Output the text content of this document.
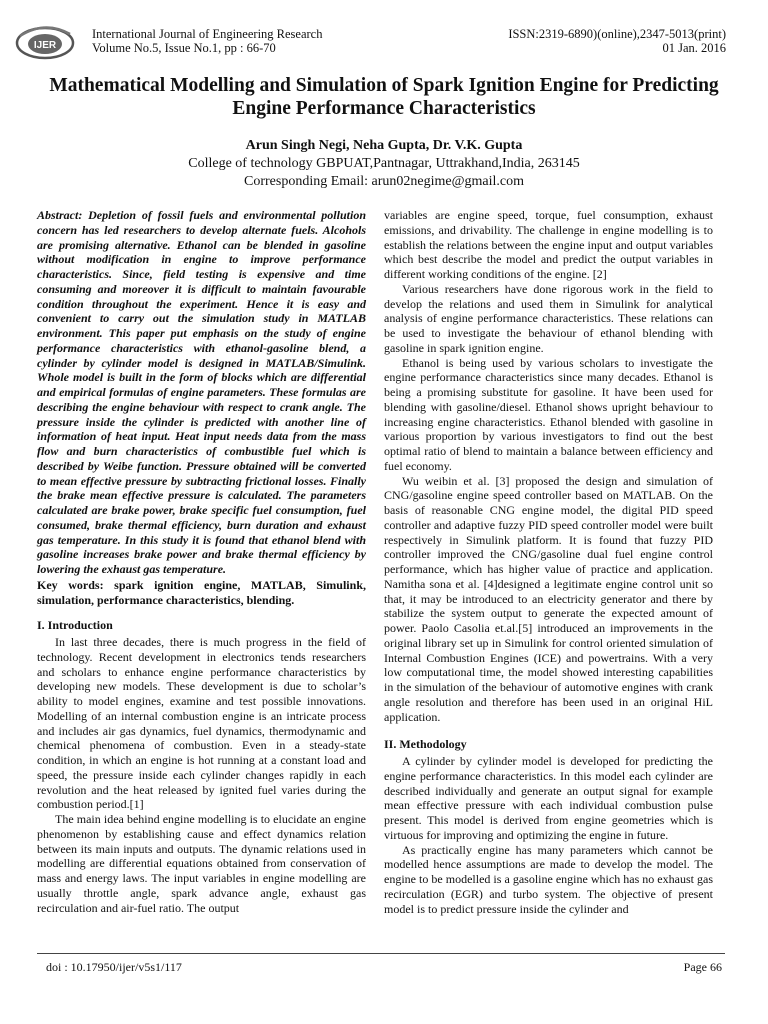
IJER
International Journal of Engineering Research
Volume No.5, Issue No.1, pp : 66-70
ISSN:2319-6890)(online),2347-5013(print)
01 Jan. 2016
Mathematical Modelling and Simulation of Spark Ignition Engine for Predicting Engine Performance Characteristics
Arun Singh Negi, Neha Gupta, Dr. V.K. Gupta
College of technology GBPUAT,Pantnagar, Uttrakhand,India, 263145
Corresponding Email: arun02negime@gmail.com

Abstract: Depletion of fossil fuels and environmental pollution concern has led researchers to develop alternate fuels. Alcohols are promising alternative. Ethanol can be blended in gasoline without modification in engine to improve performance characteristics. Since, field testing is expensive and time consuming and moreover it is difficult to maintain favourable condition throughout the experiment. Hence it is easy and convenient to carry out the simulation study in MATLAB environment. This paper put emphasis on the study of engine performance characteristics with ethanol-gasoline blend, a cylinder by cylinder model is designed in MATLAB/Simulink. Whole model is built in the form of blocks which are differential and empirical formulas of engine parameters. These formulas are describing the engine behaviour with respect to crank angle. The pressure inside the cylinder is predicted with another line of information of heat input. Heat input needs data from the mass flow and burn characteristics of combustible fuel which is described by Weibe function. Pressure obtained will be converted to mean effective pressure by subtracting frictional losses. Finally the brake mean effective pressure is calculated. The parameters calculated are brake power, brake specific fuel consumption, fuel consumed, brake thermal efficiency, burn duration and exhaust gas temperature. In this study it is found that ethanol blend with gasoline increases brake power and brake thermal efficiency by lowering the exhaust gas temperature.

Key words: spark ignition engine, MATLAB, Simulink, simulation, performance characteristics, blending.
I. Introduction

In last three decades, there is much progress in the field of technology. Recent development in electronics tends researchers and scholars to enhance engine performance characteristics by developing new models. These development is due to scholar’s ability to model engines, examine and test possible innovations. Modelling of an internal combustion engine is an intricate process and includes air gas dynamics, fuel dynamics, thermodynamic and chemical phenomena of combustion. Even in a steady-state condition, in which an engine is hot running at a constant load and speed, the pressure inside each cylinder changes rapidly in each revolution and the heat released by ignited fuel varies during the combustion period.[1]

The main idea behind engine modelling is to elucidate an engine phenomenon by establishing cause and effect dynamics relation between its main inputs and outputs. The dynamic relations used in modelling are differential equations obtained from conservation of mass and energy laws. The input variables in engine modelling are usually throttle angle, spark advance angle, exhaust gas recirculation and air-fuel ratio. The output

variables are engine speed, torque, fuel consumption, exhaust emissions, and drivability. The challenge in engine modelling is to establish the relations between the engine input and output variables which best describe the model and predict the output variables in different working conditions of the engine. [2]

Various researchers have done rigorous work in the field to develop the relations and used them in Simulink for analytical analysis of engine performance characteristics. These relations can be used to investigate the behaviour of ethanol blending with gasoline in spark ignition engine.

Ethanol is being used by various scholars to investigate the engine performance characteristics since many decades. Ethanol is being a promising substitute for gasoline. It have been used for blending with gasoline/diesel. Ethanol shows upright behaviour to increasing engine characteristics. Ethanol blended with gasoline in various proportion by various investigators to find out the best optimal ratio of blend to maintain a balance between efficiency and fuel economy.

Wu weibin et al. [3] proposed the design and simulation of CNG/gasoline engine speed controller based on MATLAB. On the basis of reasonable CNG engine model, the digital PID speed controller and adaptive fuzzy PID speed controller model were built respectively in Simulink platform. It is found that fuzzy PID controller improved the CNG/gasoline dual fuel engine control performance, which has higher value of practice and application. Namitha sona et al. [4]designed a legitimate engine control unit so that, it may be introduced to an electricity generator and there by stabilize the system output to generate the expected amount of power. Paolo Casolia et.al.[5] introduced an improvements in the original library set up in Simulink for control oriented simulation of Internal Combustion Engines (ICE) and powertrains. With a very low computational time, the model showed interesting capabilities in the simulation of the behaviour of automotive engines with crank angle resolution and therefore has been used in an original HiL application.

II. Methodology

A cylinder by cylinder model is developed for predicting the engine performance characteristics. In this model each cylinder are described individually and generate an output signal for example mean effective pressure with each individual combustion pulse present. This model is derived from engine geometries which is virtuous for improving and optimizing the engine in future.

As practically engine has many parameters which cannot be modelled hence assumptions are made to develop the model. The engine to be modelled is a gasoline engine which has no exhaust gas recirculation (EGR) and turbo system. The objective of present model is to predict pressure inside the cylinder and

doi : 10.17950/ijer/v5s1/117	Page 66
